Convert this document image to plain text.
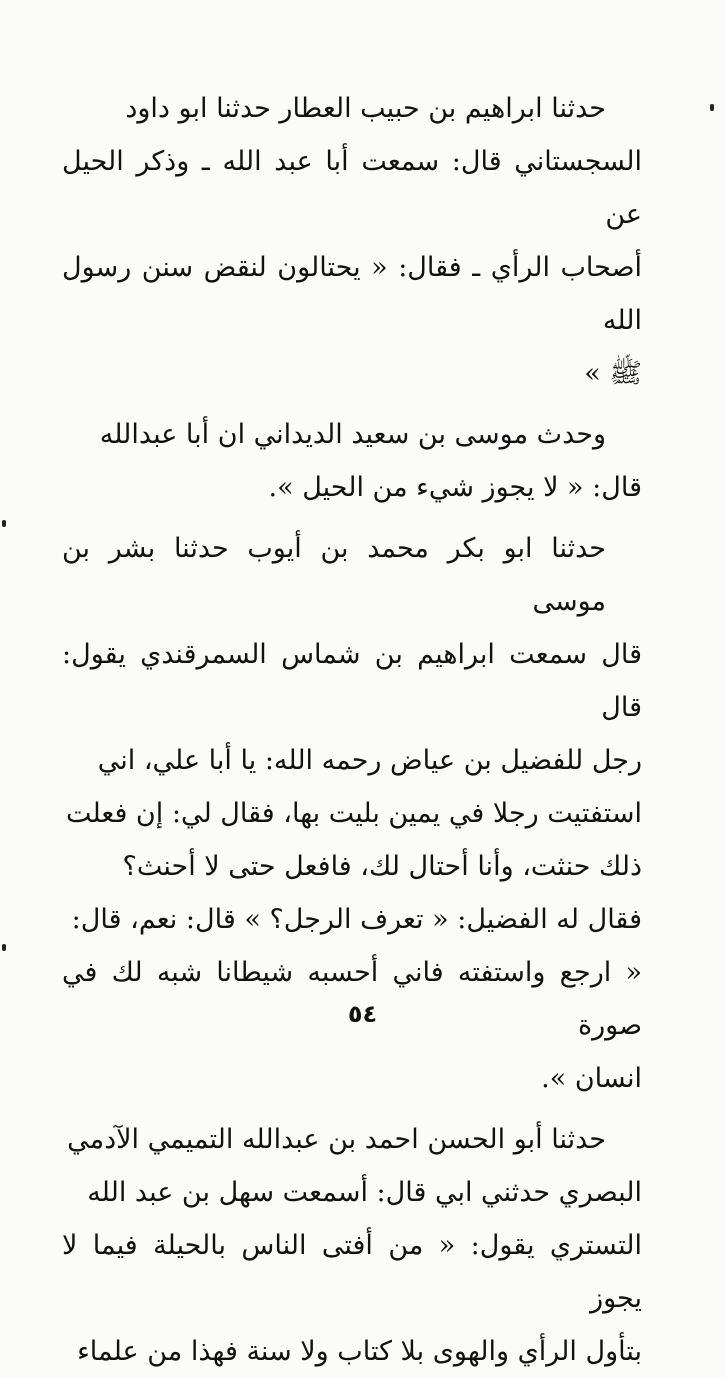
حدثنا ابراهيم بن حبيب العطار حدثنا ابو داود
السجستاني قال: سمعت أبا عبد الله ـ وذكر الحيل عن
أصحاب الرأي ـ فقال: « يحتالون لنقض سنن رسول الله
ﷺ »
وحدث موسى بن سعيد الديداني ان أبا عبدالله
قال: « لا يجوز شيء من الحيل ».
حدثنا ابو بكر محمد بن أيوب حدثنا بشر بن موسى
قال سمعت ابراهيم بن شماس السمرقندي يقول: قال
رجل للفضيل بن عياض رحمه الله: يا أبا علي، اني
استفتيت رجلا في يمين بليت بها، فقال لي: إن فعلت
ذلك حنثت، وأنا أحتال لك، فافعل حتى لا أحنث؟
فقال له الفضيل: « تعرف الرجل؟ » قال: نعم، قال:
« ارجع واستفته فاني أحسبه شيطانا شبه لك في صورة
انسان ».
حدثنا أبو الحسن احمد بن عبدالله التميمي الآدمي
البصري حدثني ابي قال: أسمعت سهل بن عبد الله
التستري يقول: « من أفتى الناس بالحيلة فيما لا يجوز
بتأول الرأي والهوى بلا كتاب ولا سنة فهذا من علماء
٥٤
